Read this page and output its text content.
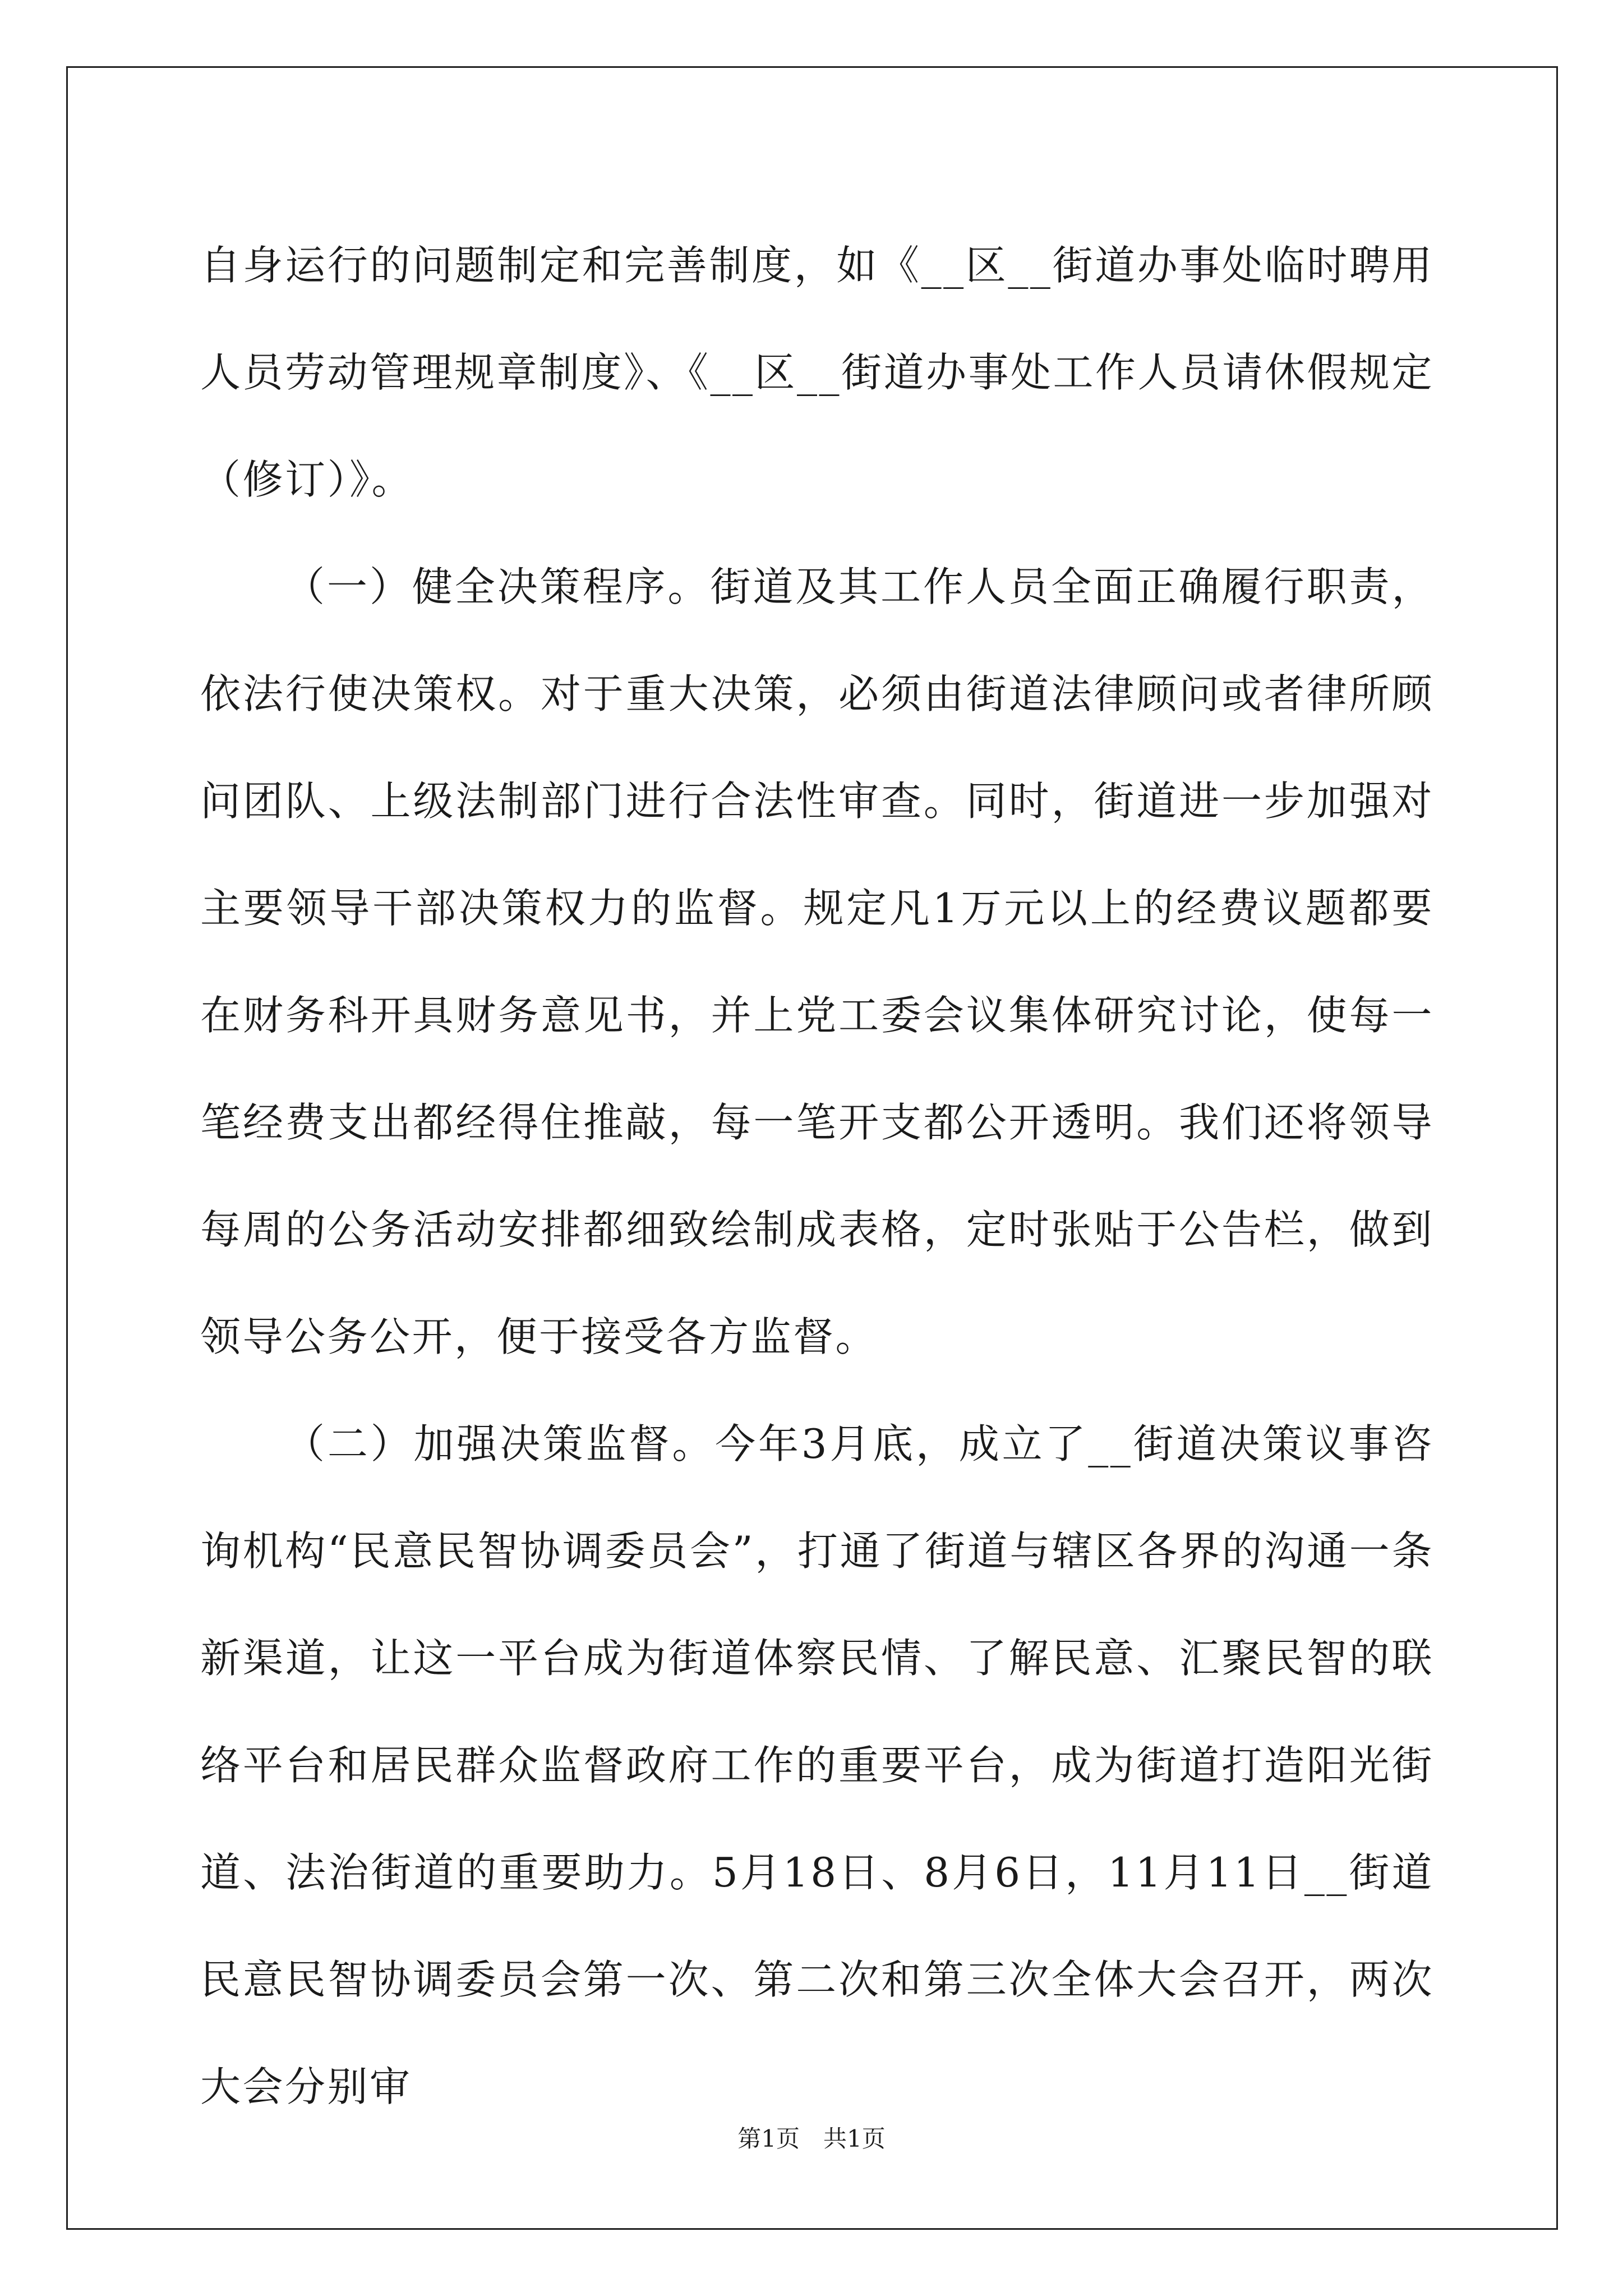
自身运行的问题制定和完善制度，如《__区__街道办事处临时聘用人员劳动管理规章制度》、《__区__街道办事处工作人员请休假规定（修订）》。

（一）健全决策程序。街道及其工作人员全面正确履行职责，依法行使决策权。对于重大决策，必须由街道法律顾问或者律所顾问团队、上级法制部门进行合法性审查。同时，街道进一步加强对主要领导干部决策权力的监督。规定凡1万元以上的经费议题都要在财务科开具财务意见书，并上党工委会议集体研究讨论，使每一笔经费支出都经得住推敲，每一笔开支都公开透明。我们还将领导每周的公务活动安排都细致绘制成表格，定时张贴于公告栏，做到领导公务公开，便于接受各方监督。

（二）加强决策监督。今年3月底，成立了__街道决策议事咨询机构“民意民智协调委员会”，打通了街道与辖区各界的沟通一条新渠道，让这一平台成为街道体察民情、了解民意、汇聚民智的联络平台和居民群众监督政府工作的重要平台，成为街道打造阳光街道、法治街道的重要助力。5月18日、8月6日，11月11日__街道民意民智协调委员会第一次、第二次和第三次全体大会召开，两次大会分别审

第1页　共1页
